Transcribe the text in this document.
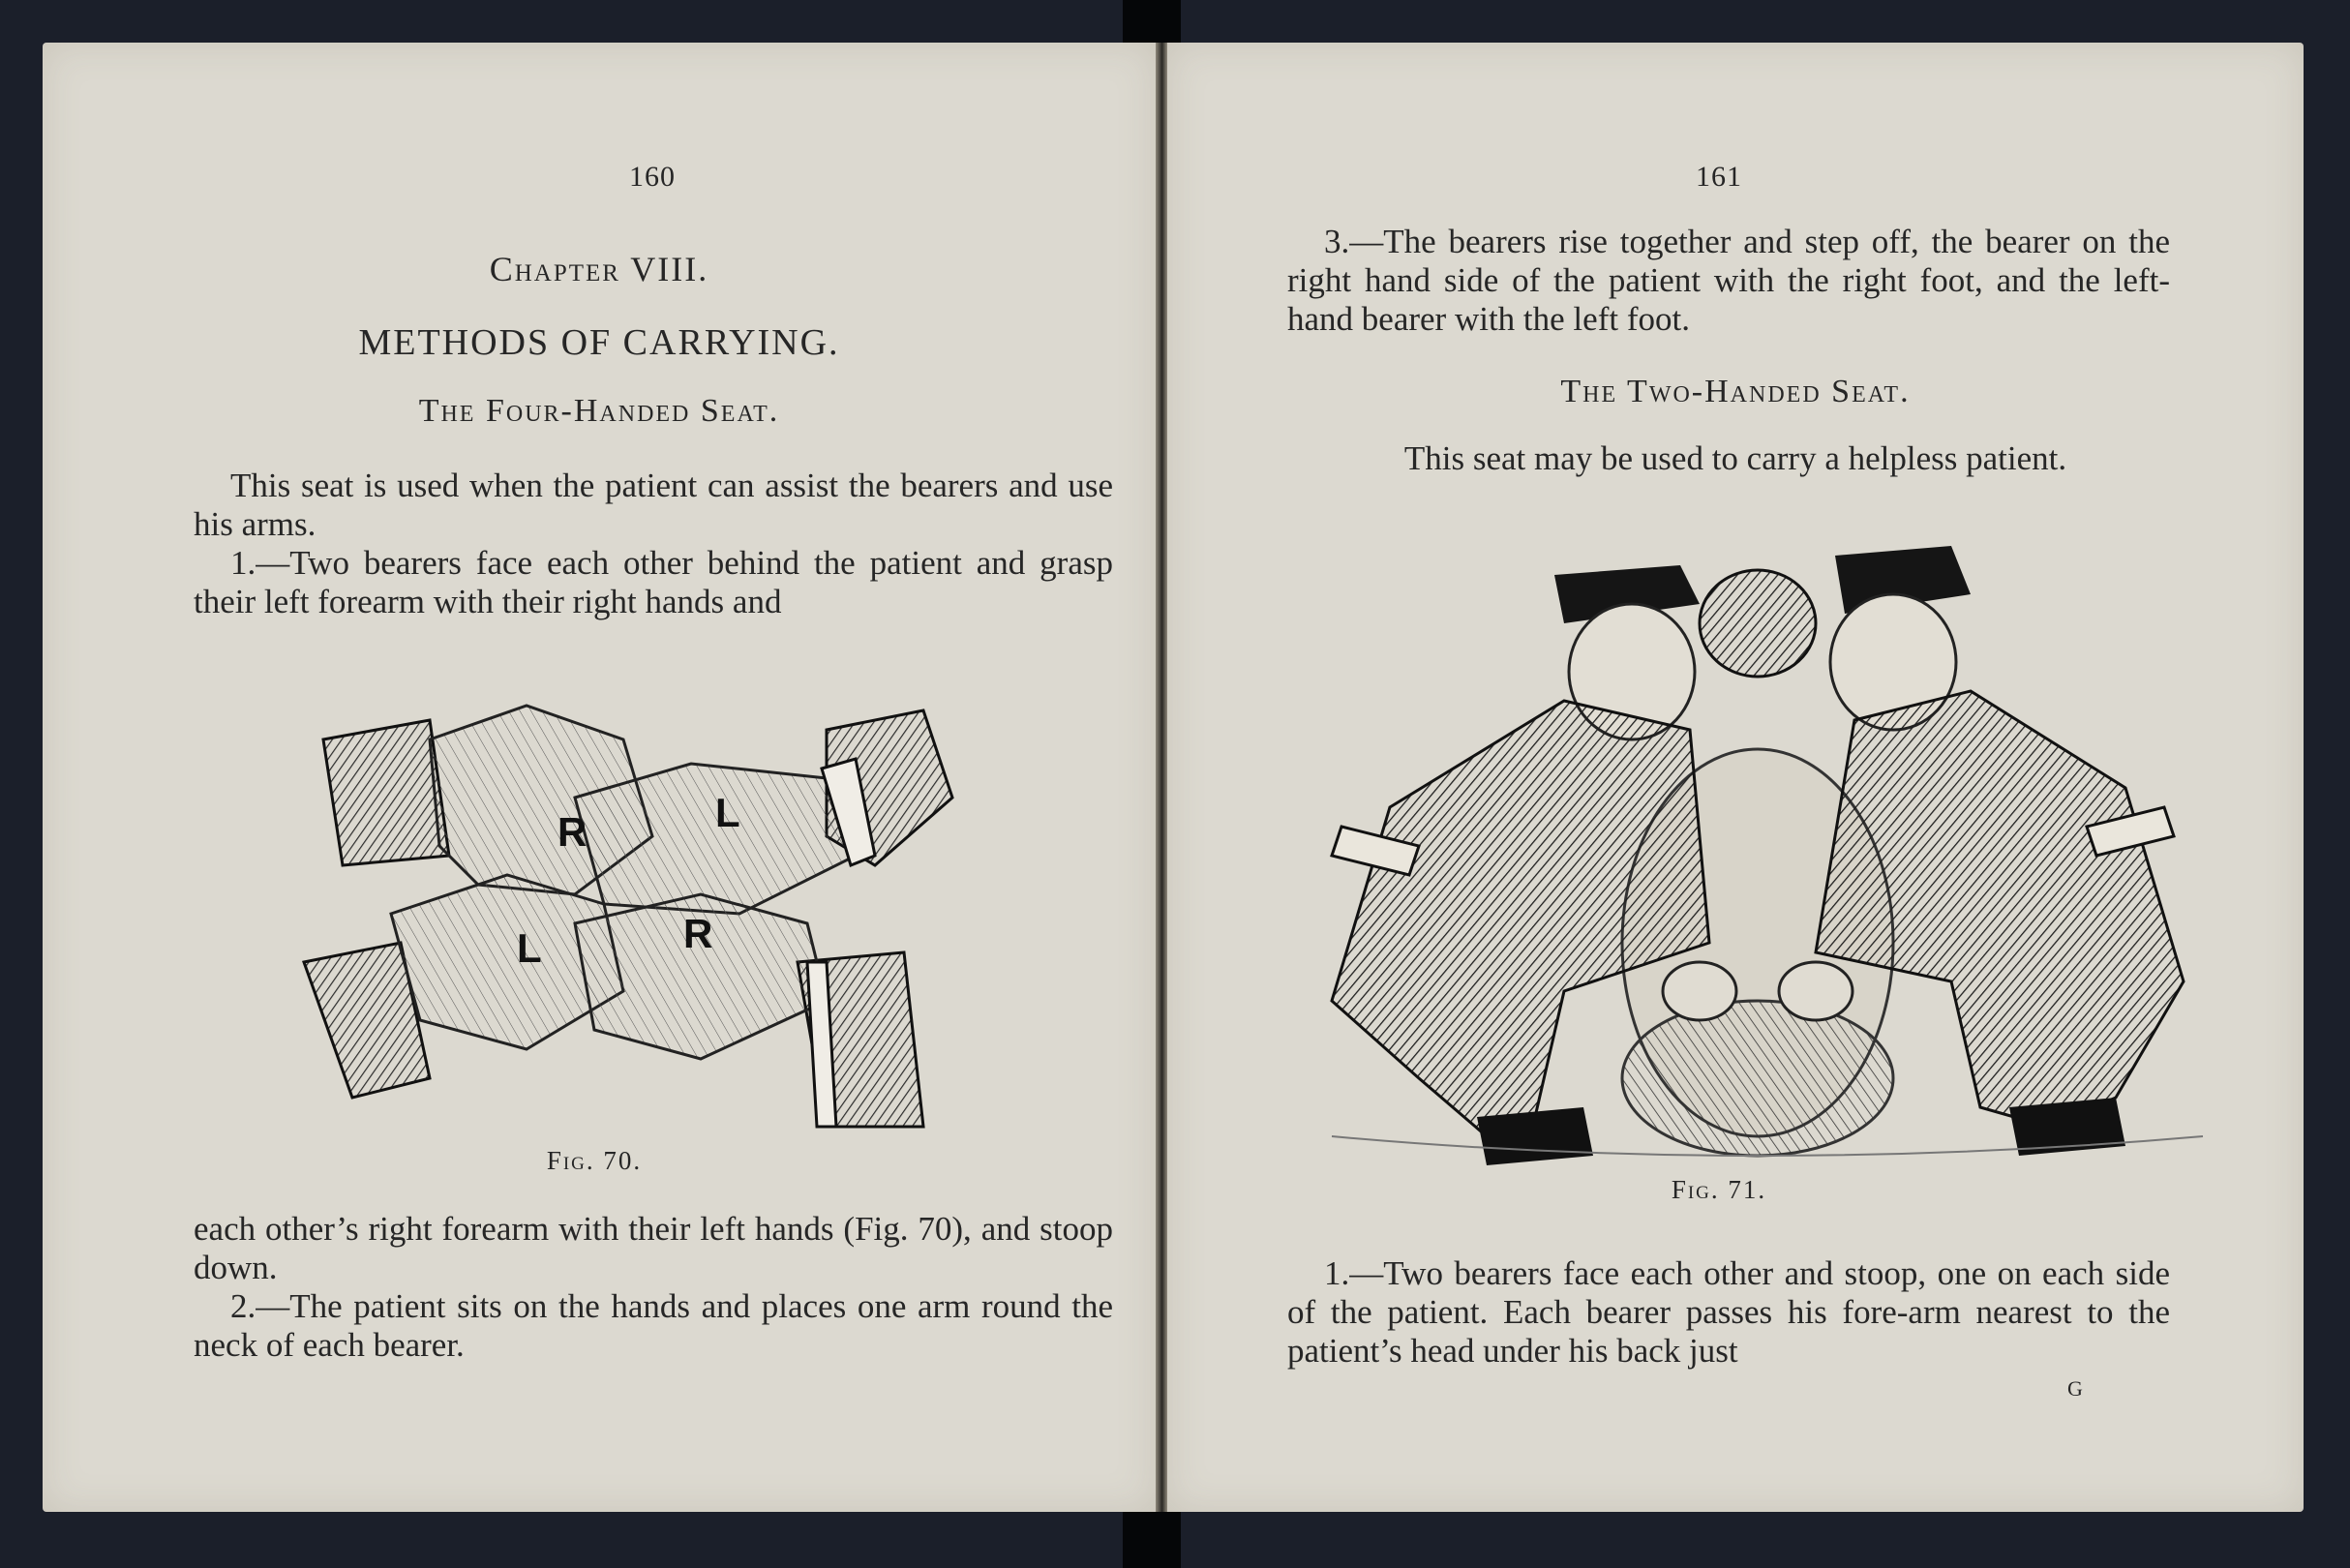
160
Chapter VIII.
METHODS OF CARRYING.
The Four-Handed Seat.

This seat is used when the patient can assist the bearers and use his arms.

1.—Two bearers face each other behind the patient and grasp their left forearm with their right hands and

R	L
L	R
Fig. 70.

each other’s right forearm with their left hands (Fig. 70), and stoop down.

2.—The patient sits on the hands and places one arm round the neck of each bearer.

161

3.—The bearers rise together and step off, the bearer on the right hand side of the patient with the right foot, and the left-hand bearer with the left foot.

The Two-Handed Seat.
This seat may be used to carry a helpless patient.
Fig. 71.

1.—Two bearers face each other and stoop, one on each side of the patient. Each bearer passes his fore-arm nearest to the patient’s head under his back just

G
